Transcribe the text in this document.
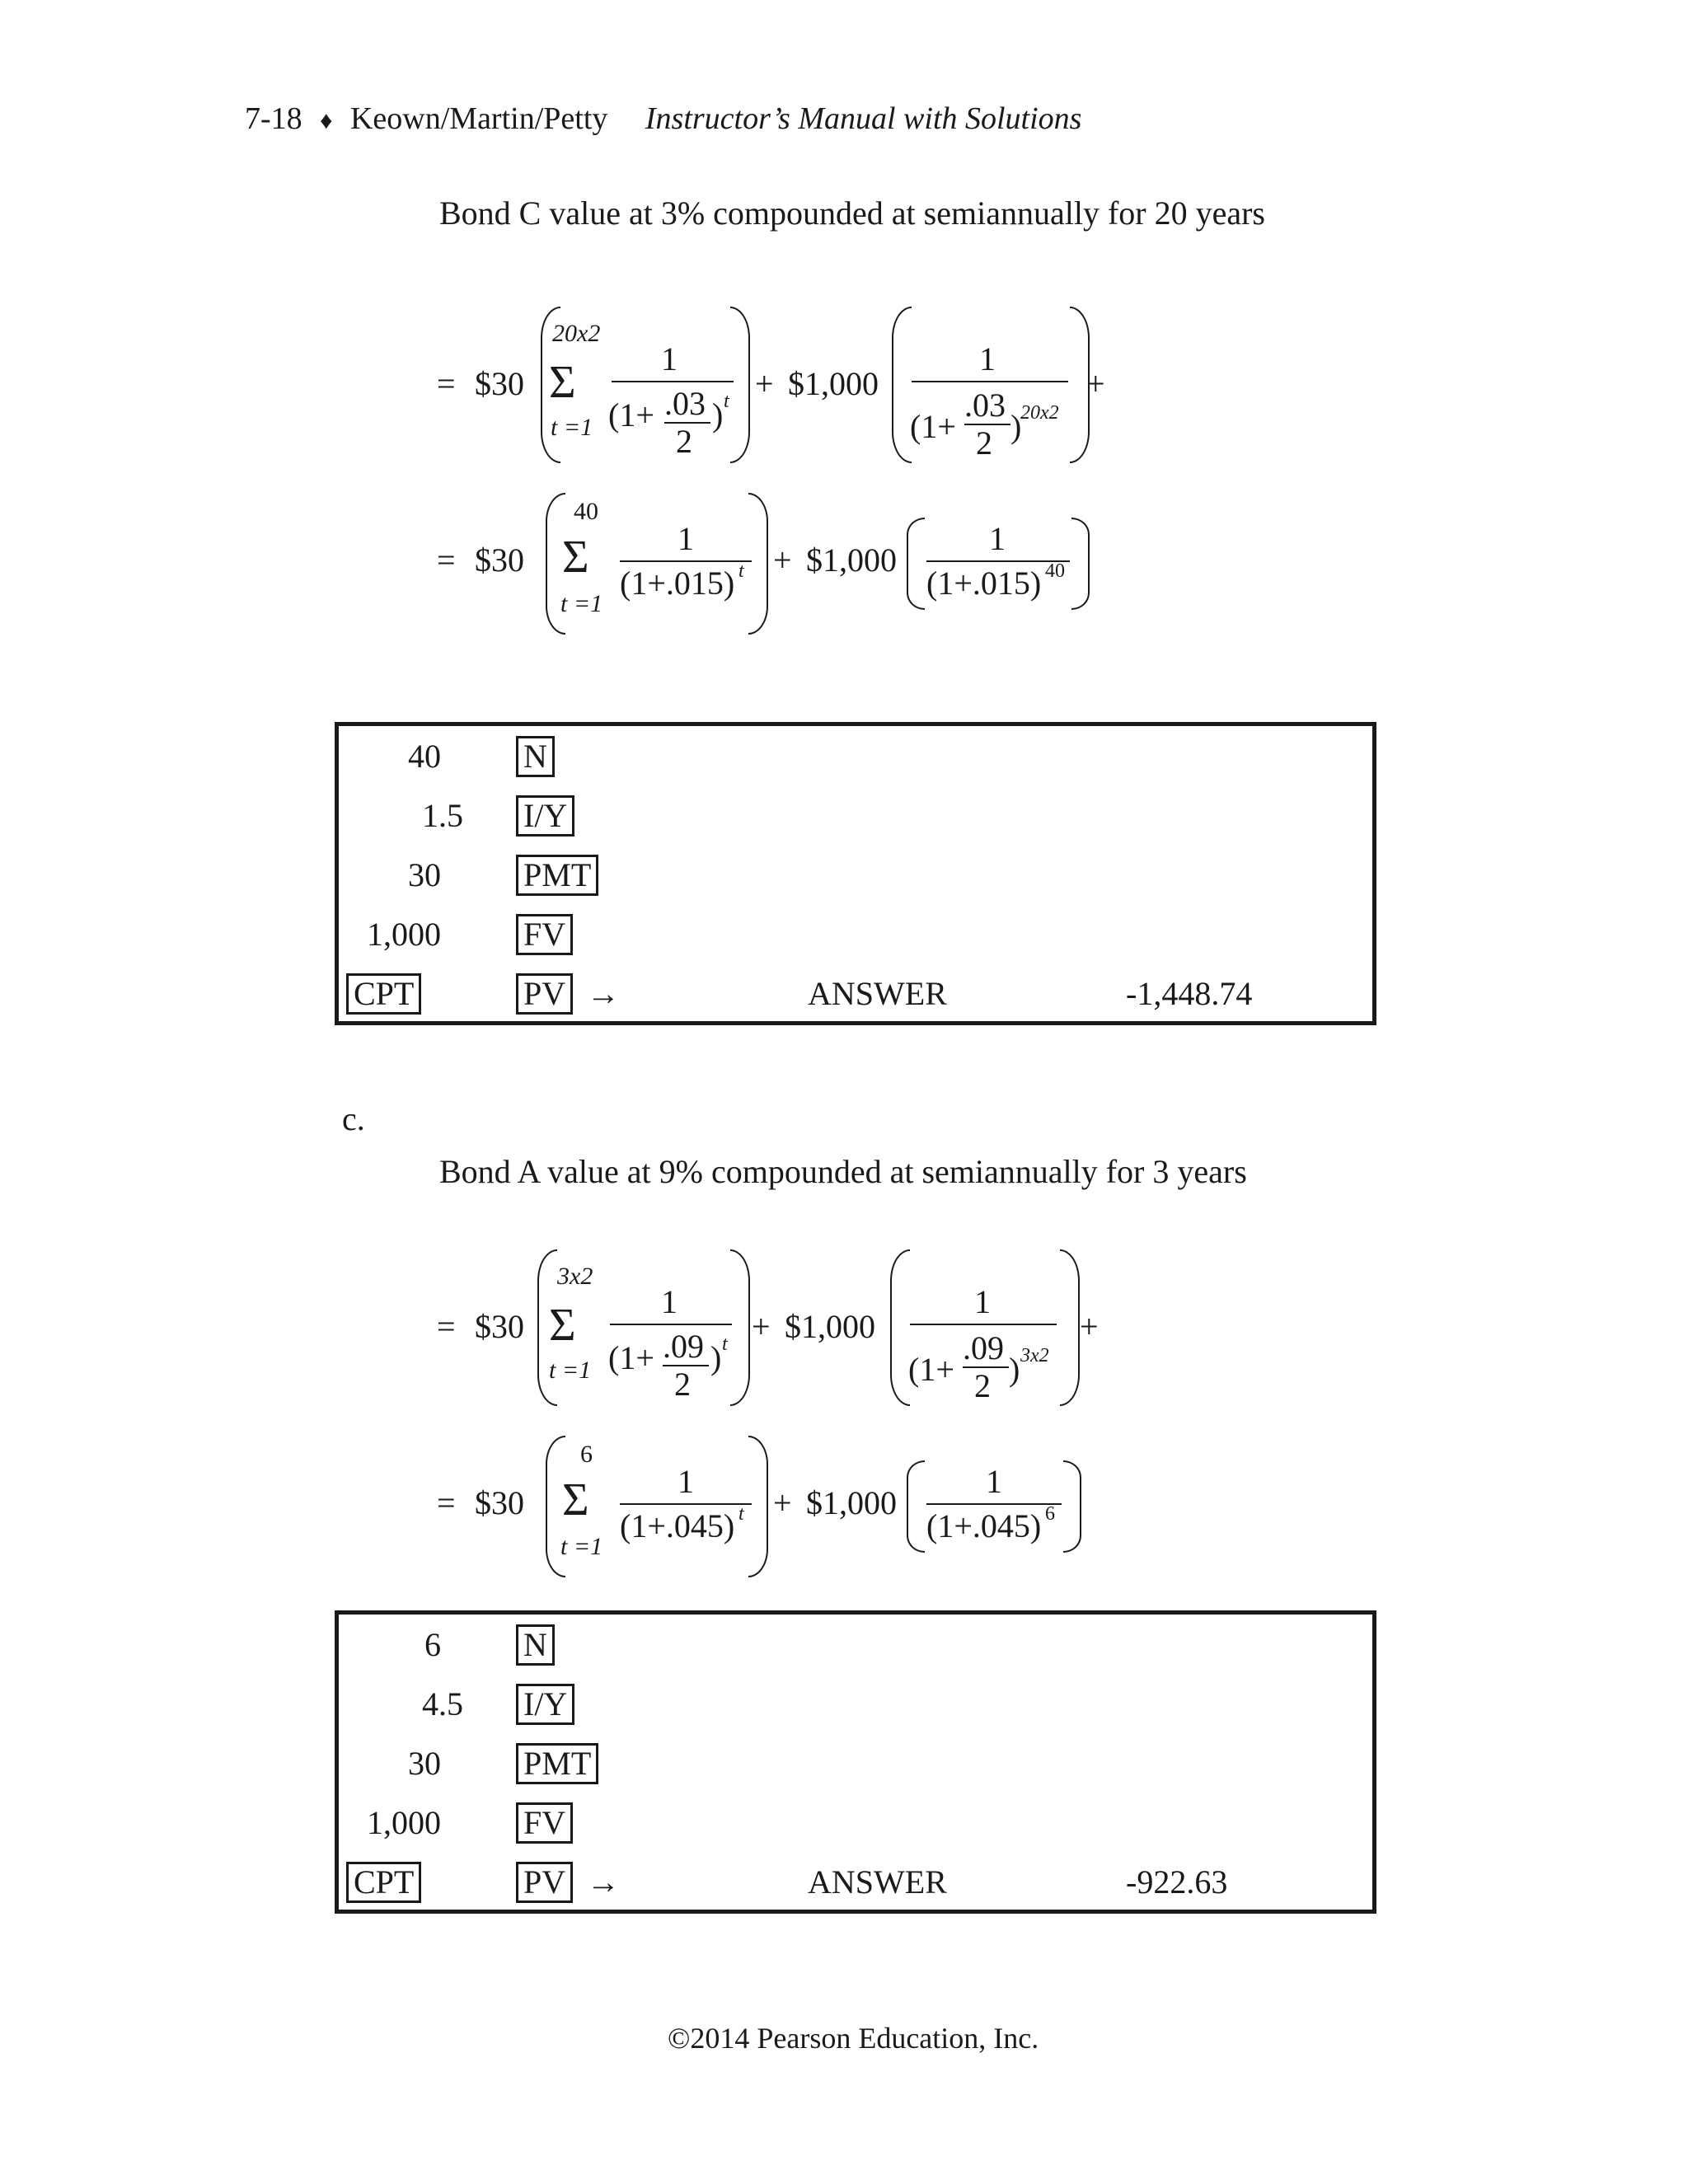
7-18 ♦ Keown/Martin/Petty Instructor’s Manual with Solutions
Bond C value at 3% compounded at semiannually for 20 years
= $30
20x2
Σ
t =1
1
(1+ .03
2
) t + $1,000
1
(1+
.03
2 )
20x2
+
= $30
40
Σ
t =1
1
(1+.015) t + $1,000
1
(1+.015) 40
40	N
1.5 I/Y
30	PMT
1,000	FV
CPT	PV →	ANSWER	-1,448.74
c.
Bond A value at 9% compounded at semiannually for 3 years
= $30
3x2
Σ
t =1
1
(1+ .09
2
) t + $1,000
1
(1+
.09
2 ) 3x2
+
= $30
6
Σ
t =1
1
(1+.045) t + $1,000
1
(1+.045) 6
6	N
4.5 I/Y
30	PMT
1,000	FV
CPT	PV →	ANSWER	-922.63
©2014 Pearson Education, Inc.
